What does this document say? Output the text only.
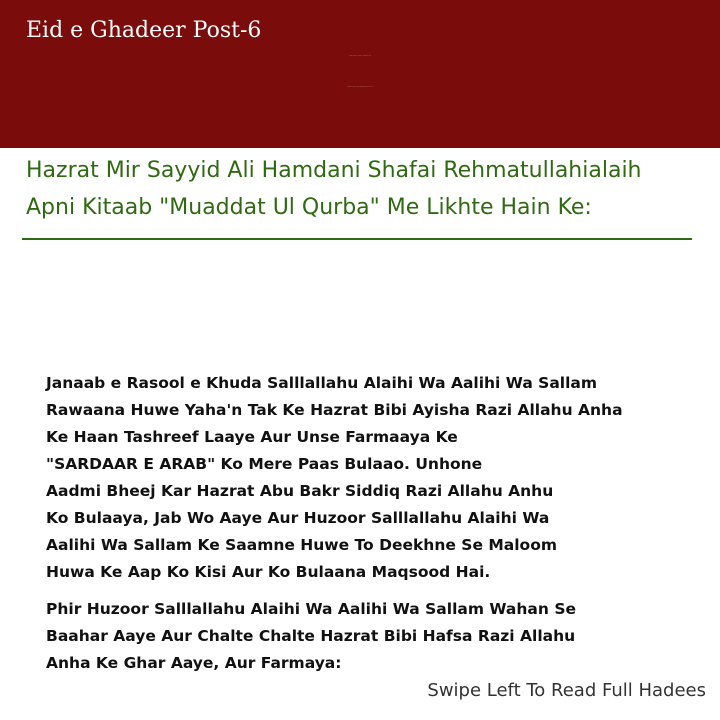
Eid e Ghadeer Post-6
Ailaan e Wilaa e Haidar Ke Mutallikh Ye Wo
Ahadees o Riwayat Hain Jisse Chupadiya Gaya Hai.
Hazrat Mir Sayyid Ali Hamdani Shafai Rehmatullahialaih
Apni Kitaab "Muaddat Ul Qurba" Me Likhte Hain Ke:
Janaab e Rasool e Khuda Salllallahu Alaihi Wa Aalihi Wa Sallam
Rawaana Huwe Yaha'n Tak Ke Hazrat Bibi Ayisha Razi Allahu Anha
Ke Haan Tashreef Laaye Aur Unse Farmaaya Ke
"SARDAAR E ARAB" Ko Mere Paas Bulaao. Unhone
Aadmi Bheej Kar Hazrat Abu Bakr Siddiq Razi Allahu Anhu
Ko Bulaaya, Jab Wo Aaye Aur Huzoor Salllallahu Alaihi Wa
Aalihi Wa Sallam Ke Saamne Huwe To Deekhne Se Maloom
Huwa Ke Aap Ko Kisi Aur Ko Bulaana Maqsood Hai.
Phir Huzoor Salllallahu Alaihi Wa Aalihi Wa Sallam Wahan Se
Baahar Aaye Aur Chalte Chalte Hazrat Bibi Hafsa Razi Allahu
Anha Ke Ghar Aaye, Aur Farmaya:
Swipe Left To Read Full Hadees
